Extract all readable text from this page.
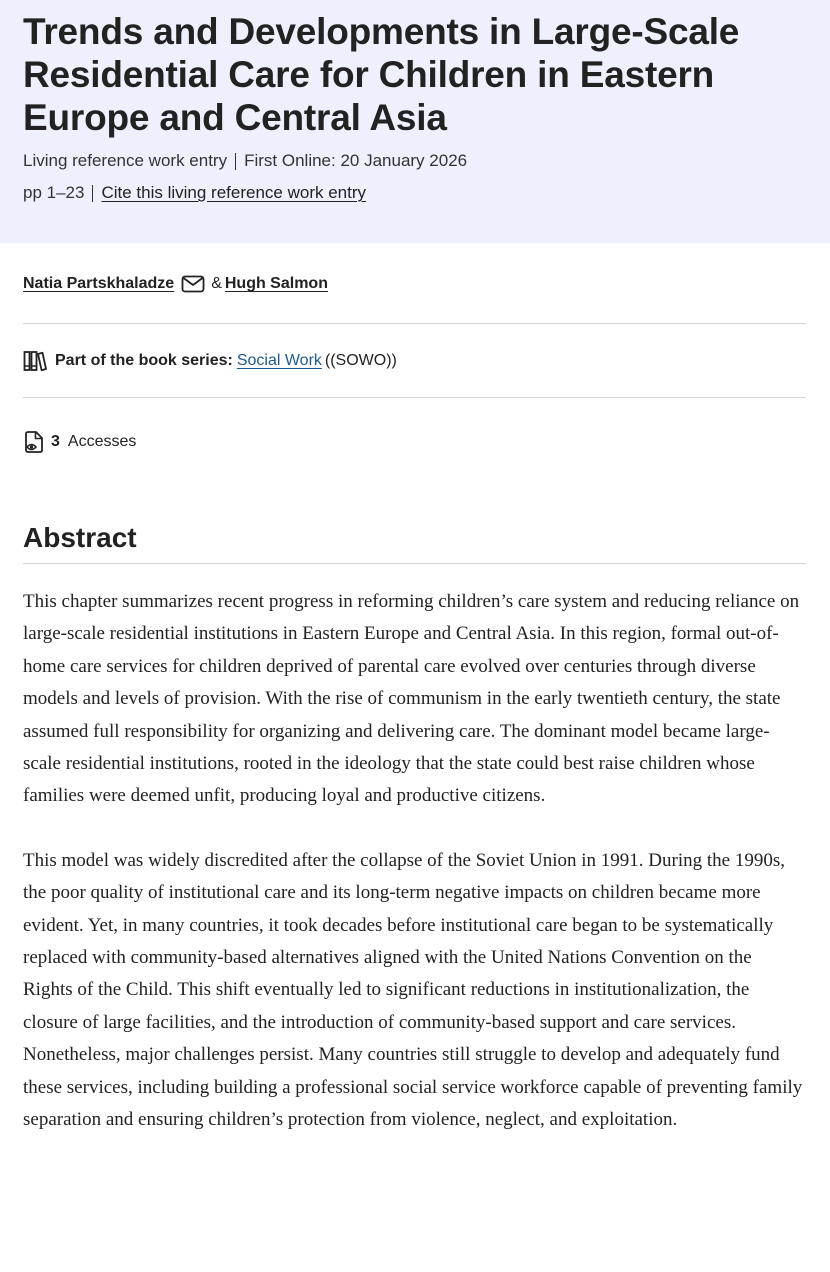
Trends and Developments in Large-Scale Residential Care for Children in Eastern Europe and Central Asia
Living reference work entry First Online: 20 January 2026
pp 1–23 Cite this living reference work entry
Natia Partskhaladze & Hugh Salmon
Part of the book series: Social Work ((SOWO))
3 Accesses
Abstract

This chapter summarizes recent progress in reforming children’s care system and reducing reliance on large-scale residential institutions in Eastern Europe and Central Asia. In this region, formal out-of-home care services for children deprived of parental care evolved over centuries through diverse models and levels of provision. With the rise of communism in the early twentieth century, the state assumed full responsibility for organizing and delivering care. The dominant model became large-scale residential institutions, rooted in the ideology that the state could best raise children whose families were deemed unfit, producing loyal and productive citizens.

This model was widely discredited after the collapse of the Soviet Union in 1991. During the 1990s, the poor quality of institutional care and its long-term negative impacts on children became more evident. Yet, in many countries, it took decades before institutional care began to be systematically replaced with community-based alternatives aligned with the United Nations Convention on the Rights of the Child. This shift eventually led to significant reductions in institutionalization, the closure of large facilities, and the introduction of community-based support and care services. Nonetheless, major challenges persist. Many countries still struggle to develop and adequately fund these services, including building a professional social service workforce capable of preventing family separation and ensuring children’s protection from violence, neglect, and exploitation.
